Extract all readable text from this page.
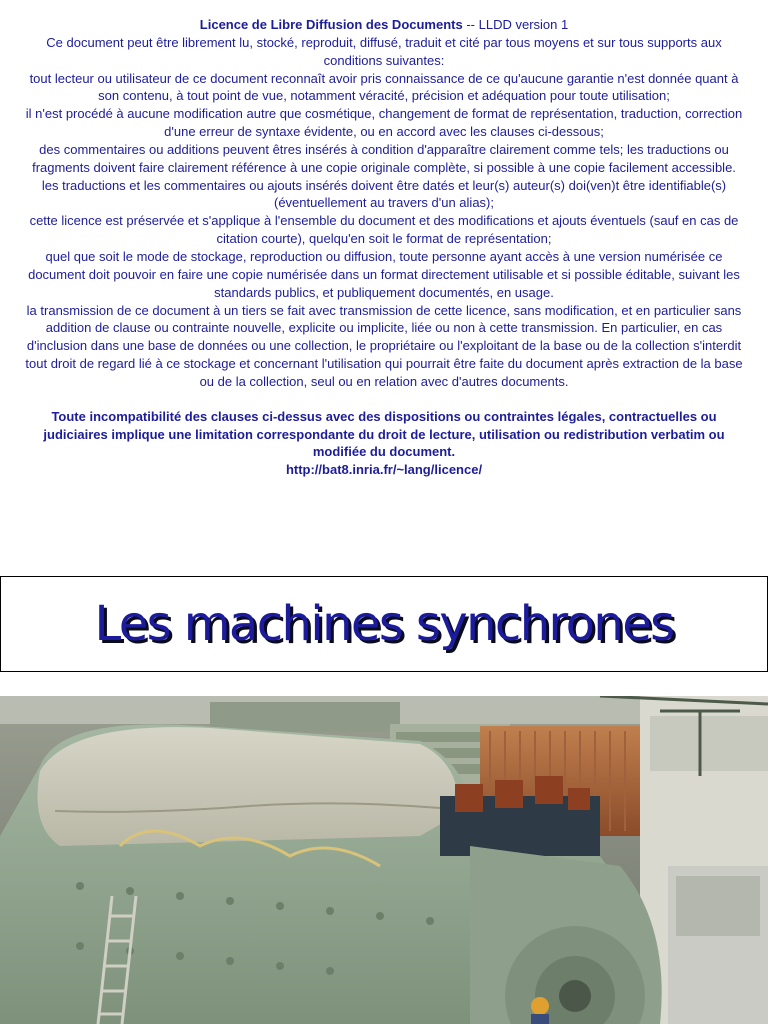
Licence de Libre Diffusion des Documents -- LLDD version 1

Ce document peut être librement lu, stocké, reproduit, diffusé, traduit et cité par tous moyens et sur tous supports aux conditions suivantes:

tout lecteur ou utilisateur de ce document reconnaît avoir pris connaissance de ce qu'aucune garantie n'est donnée quant à son contenu, à tout point de vue, notamment véracité, précision et adéquation pour toute utilisation;

il n'est procédé à aucune modification autre que cosmétique, changement de format de représentation, traduction, correction d'une erreur de syntaxe évidente, ou en accord avec les clauses ci-dessous;

des commentaires ou additions peuvent êtres insérés à condition d'apparaître clairement comme tels; les traductions ou fragments doivent faire clairement référence à une copie originale complète, si possible à une copie facilement accessible.

les traductions et les commentaires ou ajouts insérés doivent être datés et leur(s) auteur(s) doi(ven)t être identifiable(s) (éventuellement au travers d'un alias);

cette licence est préservée et s'applique à l'ensemble du document et des modifications et ajouts éventuels (sauf en cas de citation courte), quelqu'en soit le format de représentation;

quel que soit le mode de stockage, reproduction ou diffusion, toute personne ayant accès à une version numérisée ce document doit pouvoir en faire une copie numérisée dans un format directement utilisable et si possible éditable, suivant les standards publics, et publiquement documentés, en usage.

la transmission de ce document à un tiers se fait avec transmission de cette licence, sans modification, et en particulier sans addition de clause ou contrainte nouvelle, explicite ou implicite, liée ou non à cette transmission. En particulier, en cas d'inclusion dans une base de données ou une collection, le propriétaire ou l'exploitant de la base ou de la collection s'interdit tout droit de regard lié à ce stockage et concernant l'utilisation qui pourrait être faite du document après extraction de la base ou de la collection, seul ou en relation avec d'autres documents.

Toute incompatibilité des clauses ci-dessus avec des dispositions ou contraintes légales, contractuelles ou judiciaires implique une limitation correspondante du droit de lecture, utilisation ou redistribution verbatim ou modifiée du document.

http://bat8.inria.fr/~lang/licence/

Les machines synchrones
